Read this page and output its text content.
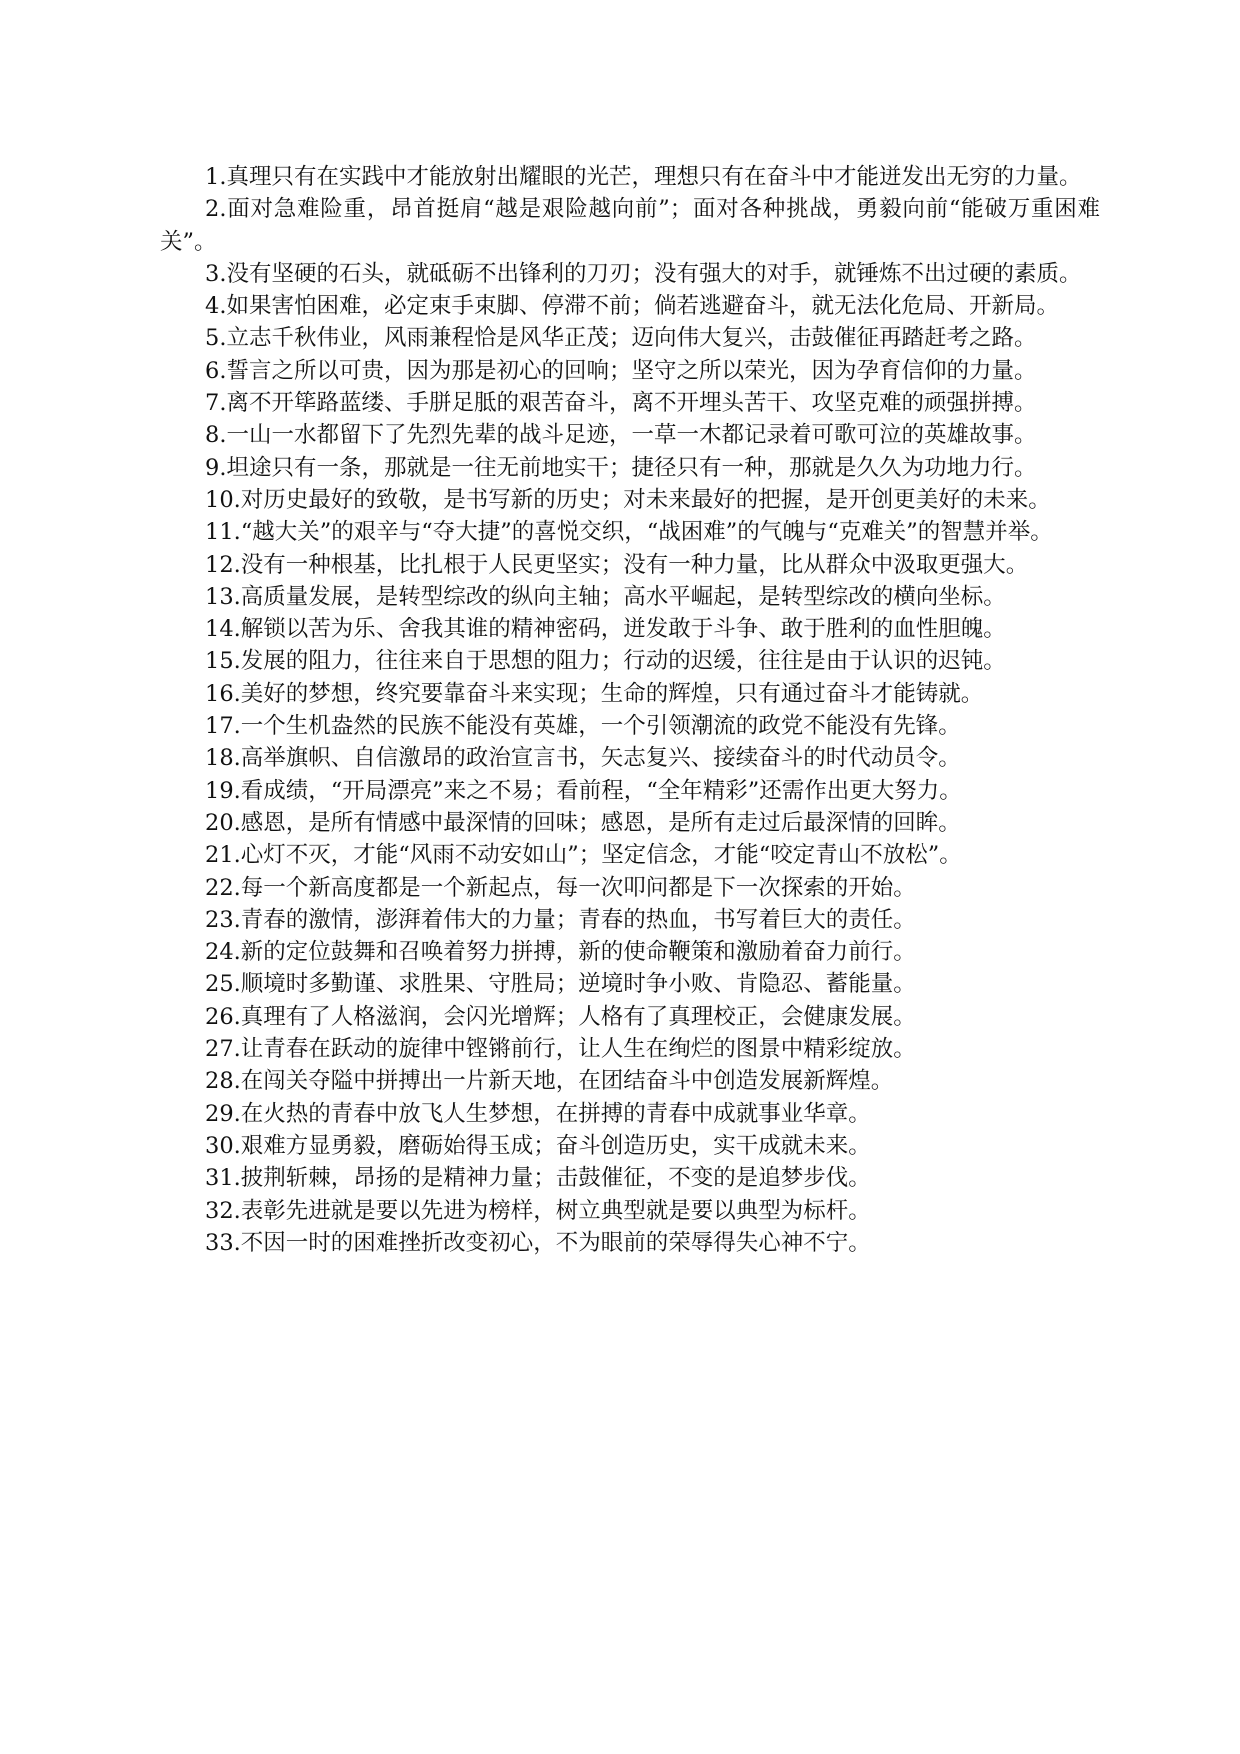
1.真理只有在实践中才能放射出耀眼的光芒，理想只有在奋斗中才能迸发出无穷的力量。

2.面对急难险重，昂首挺肩“越是艰险越向前”；面对各种挑战，勇毅向前“能破万重困难关”。

3.没有坚硬的石头，就砥砺不出锋利的刀刃；没有强大的对手，就锤炼不出过硬的素质。

4.如果害怕困难，必定束手束脚、停滞不前；倘若逃避奋斗，就无法化危局、开新局。

5.立志千秋伟业，风雨兼程恰是风华正茂；迈向伟大复兴，击鼓催征再踏赶考之路。

6.誓言之所以可贵，因为那是初心的回响；坚守之所以荣光，因为孕育信仰的力量。

7.离不开筚路蓝缕、手胼足胝的艰苦奋斗，离不开埋头苦干、攻坚克难的顽强拼搏。

8.一山一水都留下了先烈先辈的战斗足迹，一草一木都记录着可歌可泣的英雄故事。

9.坦途只有一条，那就是一往无前地实干；捷径只有一种，那就是久久为功地力行。

10.对历史最好的致敬，是书写新的历史；对未来最好的把握，是开创更美好的未来。

11.“越大关”的艰辛与“夺大捷”的喜悦交织，“战困难”的气魄与“克难关”的智慧并举。

12.没有一种根基，比扎根于人民更坚实；没有一种力量，比从群众中汲取更强大。

13.高质量发展，是转型综改的纵向主轴；高水平崛起，是转型综改的横向坐标。

14.解锁以苦为乐、舍我其谁的精神密码，迸发敢于斗争、敢于胜利的血性胆魄。

15.发展的阻力，往往来自于思想的阻力；行动的迟缓，往往是由于认识的迟钝。

16.美好的梦想，终究要靠奋斗来实现；生命的辉煌，只有通过奋斗才能铸就。

17.一个生机盎然的民族不能没有英雄，一个引领潮流的政党不能没有先锋。

18.高举旗帜、自信激昂的政治宣言书，矢志复兴、接续奋斗的时代动员令。

19.看成绩，“开局漂亮”来之不易；看前程，“全年精彩”还需作出更大努力。

20.感恩，是所有情感中最深情的回味；感恩，是所有走过后最深情的回眸。

21.心灯不灭，才能“风雨不动安如山”；坚定信念，才能“咬定青山不放松”。

22.每一个新高度都是一个新起点，每一次叩问都是下一次探索的开始。

23.青春的激情，澎湃着伟大的力量；青春的热血，书写着巨大的责任。

24.新的定位鼓舞和召唤着努力拼搏，新的使命鞭策和激励着奋力前行。

25.顺境时多勤谨、求胜果、守胜局；逆境时争小败、肯隐忍、蓄能量。

26.真理有了人格滋润，会闪光增辉；人格有了真理校正，会健康发展。

27.让青春在跃动的旋律中铿锵前行，让人生在绚烂的图景中精彩绽放。

28.在闯关夺隘中拼搏出一片新天地，在团结奋斗中创造发展新辉煌。

29.在火热的青春中放飞人生梦想，在拼搏的青春中成就事业华章。

30.艰难方显勇毅，磨砺始得玉成；奋斗创造历史，实干成就未来。

31.披荆斩棘，昂扬的是精神力量；击鼓催征，不变的是追梦步伐。

32.表彰先进就是要以先进为榜样，树立典型就是要以典型为标杆。

33.不因一时的困难挫折改变初心，不为眼前的荣辱得失心神不宁。
